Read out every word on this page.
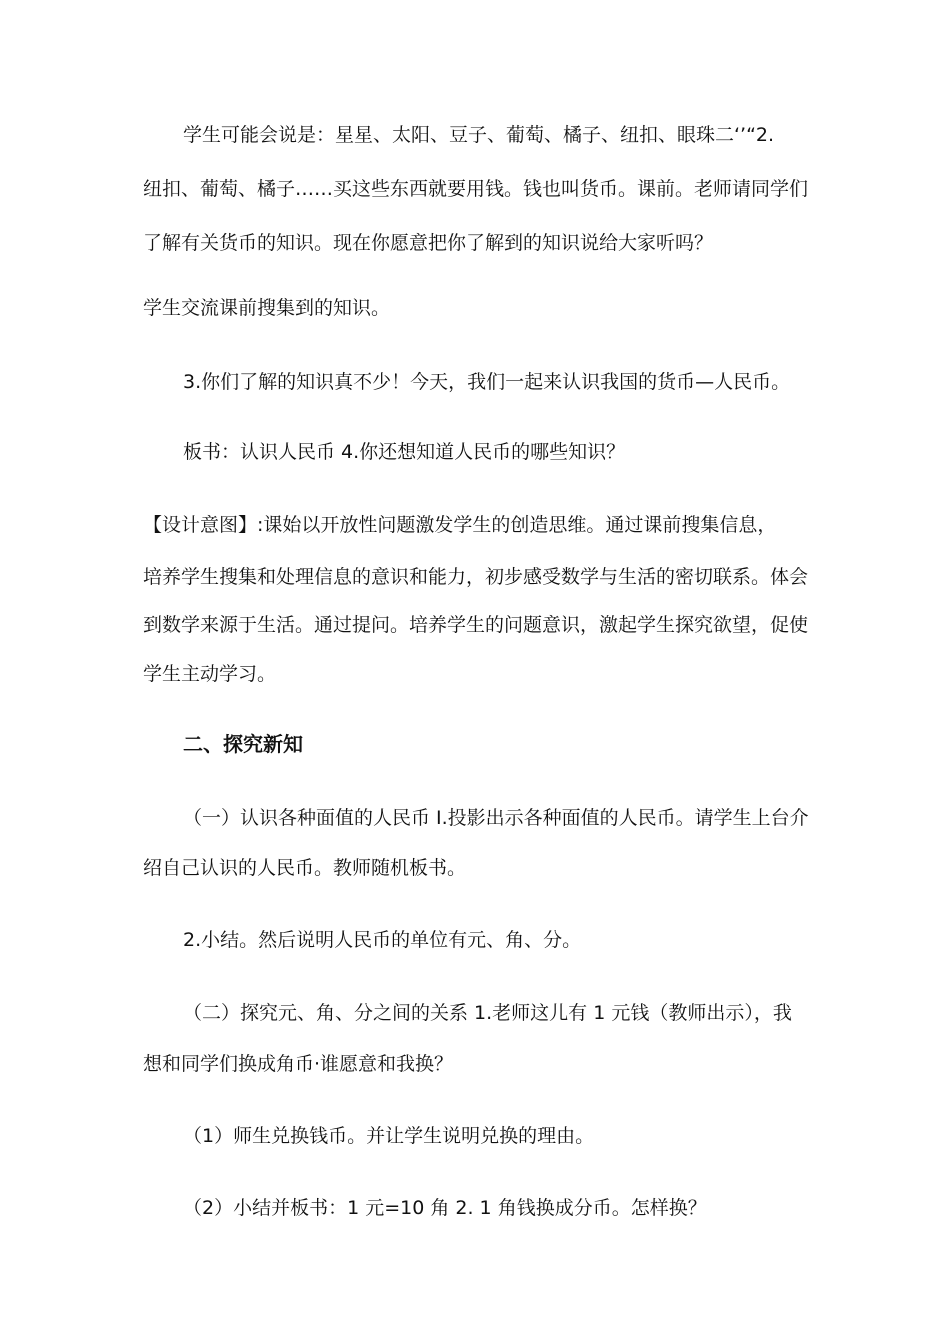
学生可能会说是：星星、太阳、豆子、葡萄、橘子、纽扣、眼珠二‘’“2.
纽扣、葡萄、橘子……买这些东西就要用钱。钱也叫货币。课前。老师请同学们
了解有关货币的知识。现在你愿意把你了解到的知识说给大家听吗？
学生交流课前搜集到的知识。
3.你们了解的知识真不少！今天，我们一起来认识我国的货币—人民币。
板书：认识人民币 4.你还想知道人民币的哪些知识？
【设计意图】:课始以开放性问题激发学生的创造思维。通过课前搜集信息，
培养学生搜集和处理信息的意识和能力，初步感受数学与生活的密切联系。体会
到数学来源于生活。通过提问。培养学生的问题意识，激起学生探究欲望，促使
学生主动学习。
二、探究新知
（一）认识各种面值的人民币 I.投影出示各种面值的人民币。请学生上台介
绍自己认识的人民币。教师随机板书。
2.小结。然后说明人民币的单位有元、角、分。
（二）探究元、角、分之间的关系 1.老师这儿有 1 元钱（教师出示），我
想和同学们换成角币·谁愿意和我换？
（1）师生兑换钱币。并让学生说明兑换的理由。
（2）小结并板书：1 元=10 角 2. 1 角钱换成分币。怎样换？
